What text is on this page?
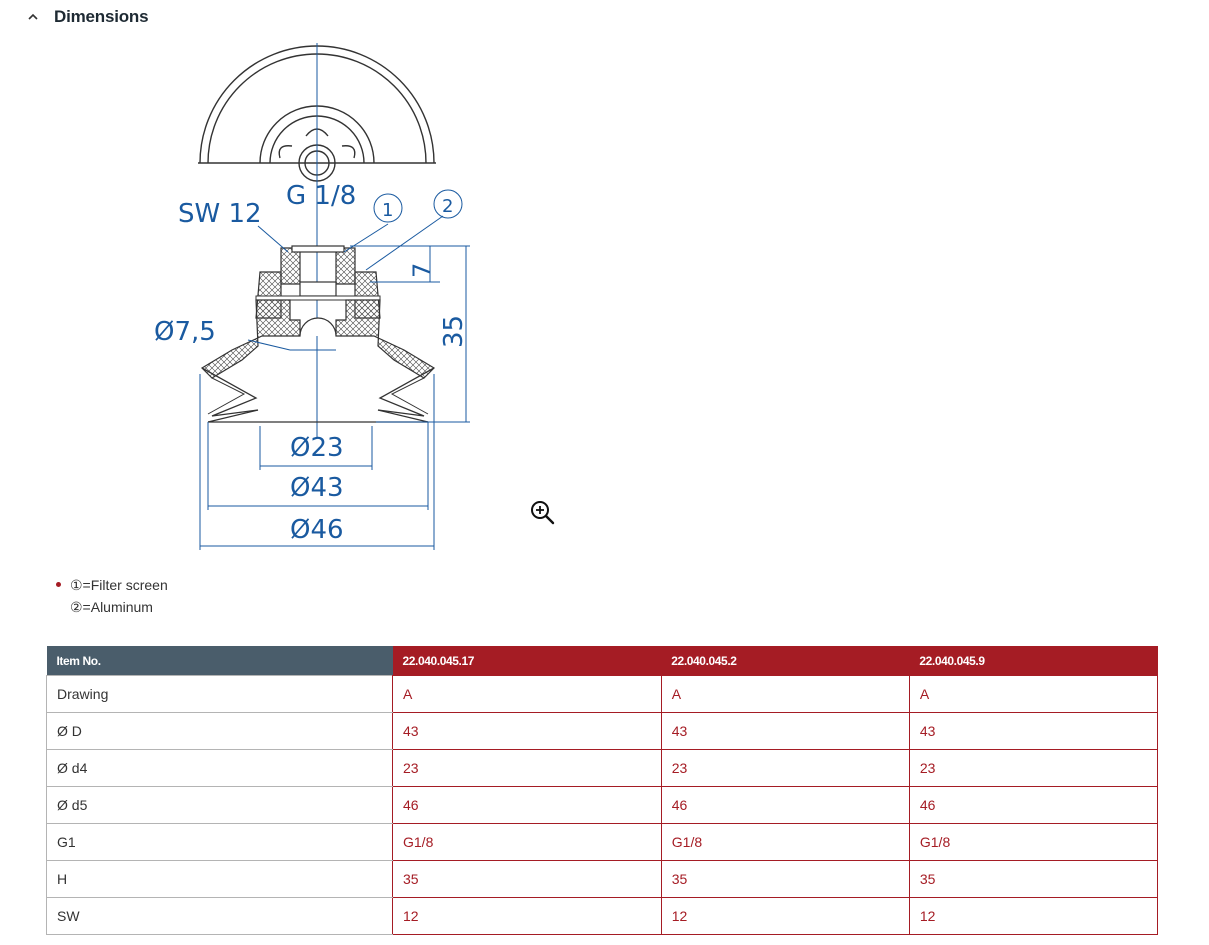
Dimensions
SW 12
G 1/8 1	2
Ø7,5
Ø23
Ø43
Ø46
7
35
①=Filter screen
②=Aluminum
Item No.	22.040.045.17	22.040.045.2	22.040.045.9
Drawing	A	A	A
Ø D	43	43	43
Ø d4	23	23	23
Ø d5	46	46	46
G1	G1/8	G1/8	G1/8
H	35	35	35
SW	12	12	12
